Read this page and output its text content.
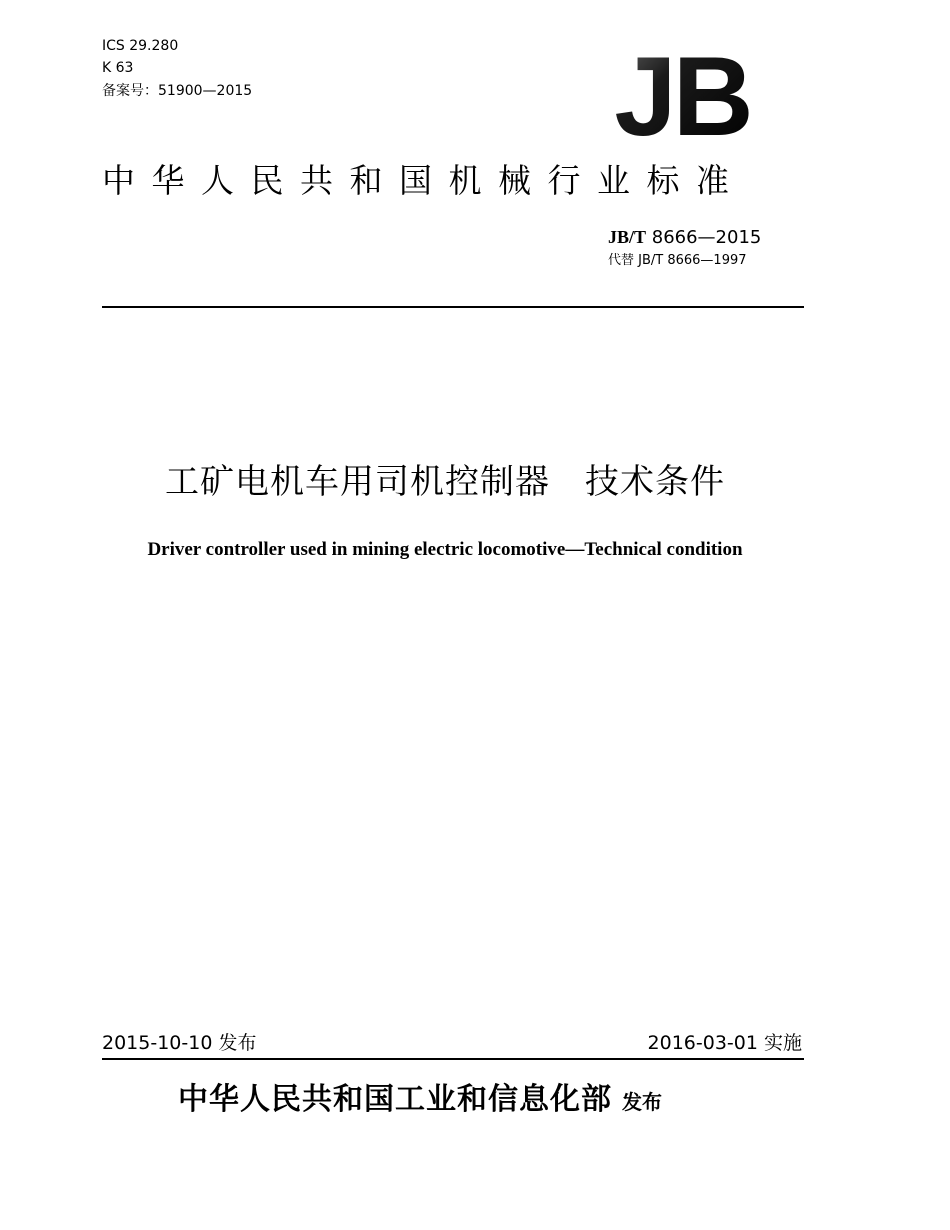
ICS 29.280
K 63
备案号：51900—2015	JB
中华人民共和国机械行业标准
JB/T 8666—2015
代替 JB/T 8666—1997
工矿电机车用司机控制器　技术条件
Driver controller used in mining electric locomotive—Technical condition
2015-10-10 发布	2016-03-01 实施
中华人民共和国工业和信息化部 发布
